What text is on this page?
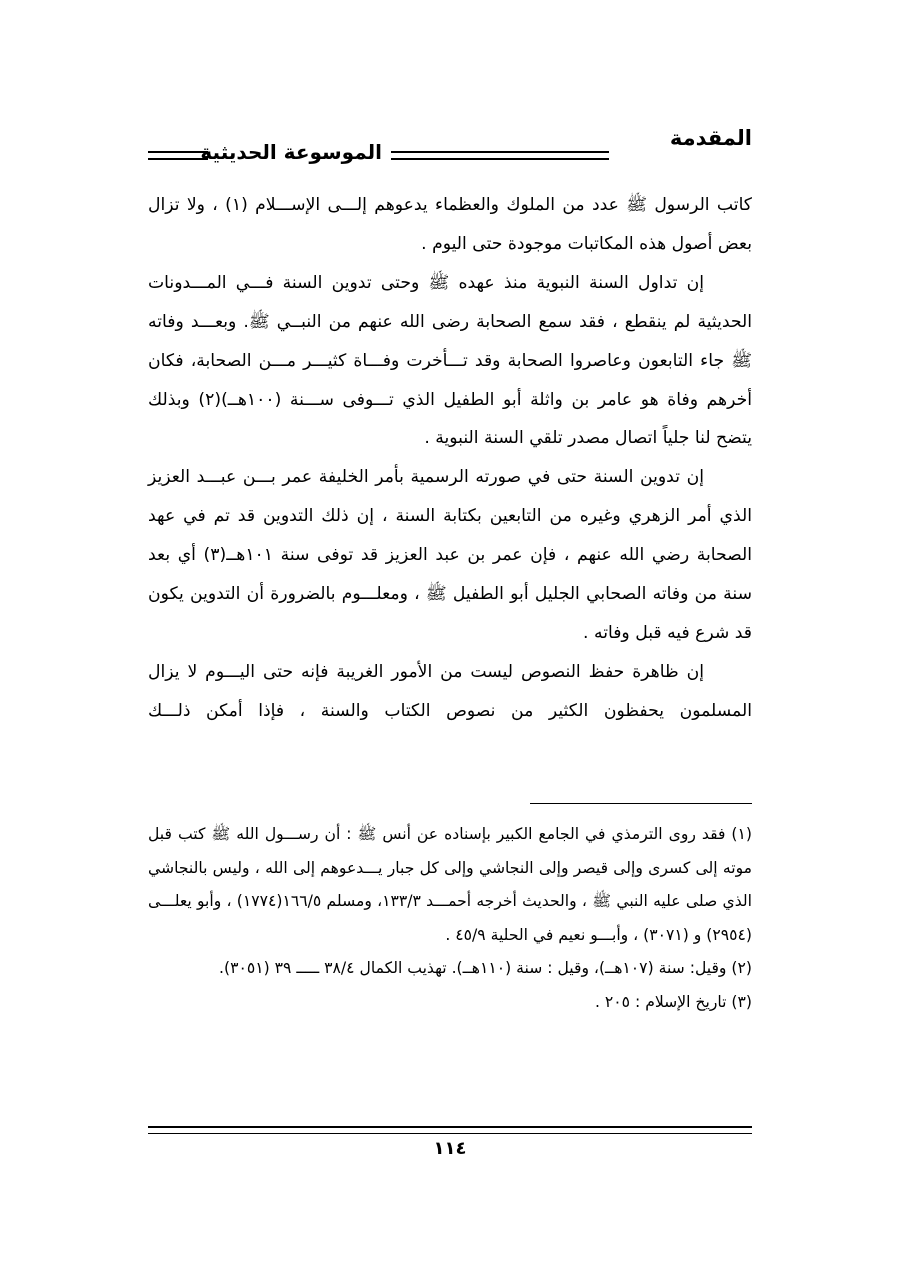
المقدمة
الموسوعة الحديثية

كاتب الرسول ﷺ عدد من الملوك والعظماء يدعوهم إلـــى الإســـلام (١) ، ولا تزال بعض أصول هذه المكاتبات موجودة حتى اليوم .

إن تداول السنة النبوية منذ عهده ﷺ وحتى تدوين السنة فـــي المـــدونات الحديثية لم ينقطع ، فقد سمع الصحابة رضى الله عنهم من النبــي ﷺ. وبعـــد وفاته ﷺ جاء التابعون وعاصروا الصحابة وقد تـــأخرت وفـــاة كثيـــر مـــن الصحابة، فكان أخرهم وفاة هو عامر بن واثلة أبو الطفيل الذي تـــوفى ســـنة (١٠٠هــ)(٢) وبذلك يتضح لنا جلياً اتصال مصدر تلقي السنة النبوية .

إن تدوين السنة حتى في صورته الرسمية بأمر الخليفة عمر بـــن عبـــد العزيز الذي أمر الزهري وغيره من التابعين بكتابة السنة ، إن ذلك التدوين قد تم في عهد الصحابة رضي الله عنهم ، فإن عمر بن عبد العزيز قد توفى سنة ١٠١هــ(٣) أي بعد سنة من وفاته الصحابي الجليل أبو الطفيل ﷺ ، ومعلـــوم بالضرورة أن التدوين يكون قد شرع فيه قبل وفاته .

إن ظاهرة حفظ النصوص ليست من الأمور الغريبة فإنه حتى اليـــوم لا يزال المسلمون يحفظون الكثير من نصوص الكتاب والسنة ، فإذا أمكن ذلـــك

(١) فقد روى الترمذي في الجامع الكبير بإسناده عن أنس ﷺ : أن رســـول الله ﷺ كتب قبل موته إلى كسرى وإلى قيصر وإلى النجاشي وإلى كل جبار يـــدعوهم إلى الله ، وليس بالنجاشي الذي صلى عليه النبي ﷺ ، والحديث أخرجه أحمـــد ١٣٣/٣، ومسلم ١٦٦/٥(١٧٧٤) ، وأبو يعلـــى (٢٩٥٤) و (٣٠٧١) ، وأبـــو نعيم في الحلية ٤٥/٩ .

(٢) وقيل: سنة (١٠٧هــ)، وقيل : سنة (١١٠هــ). تهذيب الكمال ٣٨/٤ ـــــ ٣٩ (٣٠٥١).

(٣) تاريخ الإسلام : ٢٠٥ .

١١٤
